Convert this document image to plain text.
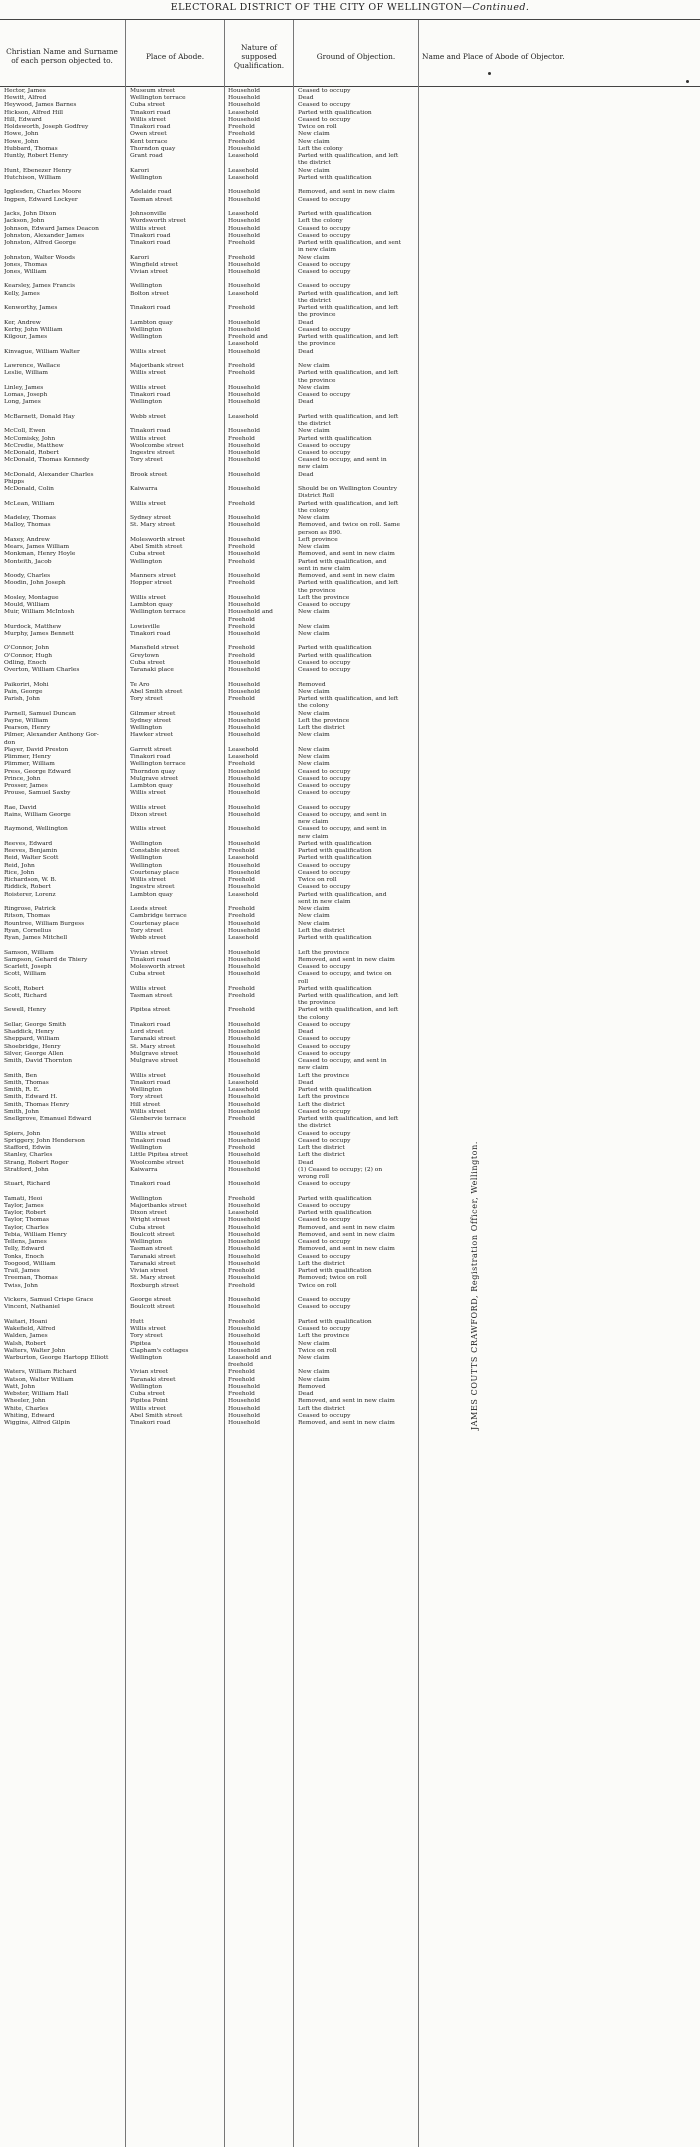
ELECTORAL DISTRICT OF THE CITY OF WELLINGTON—Continued.
Christian Name and Surname of each person objected to.	Place of Abode.
Nature of supposed Qualification.
Ground of Objection.	Name and Place of Abode of Objector.
Hector, James	Museum street	Household	Ceased to occupy
Hewitt, Alfred	Wellington terrace	Household	Dead
Heywood, James Barnes	Cuba street	Household	Ceased to occupy
Hickson, Alfred Hill	Tinakori road	Leasehold	Parted with qualification
Hill, Edward	Willis street	Household	Ceased to occupy
Holdsworth, Joseph Godfrey	Tinakori road	Freehold	Twice on roll
Howe, John	Owen street	Freehold	New claim
Howe, John	Kent terrace	Freehold	New claim
Hubbard, Thomas	Thorndon quay	Household	Left the colony
Huntly, Robert Henry	Grant road	Leasehold	Parted with qualification, and left
the district
Hunt, Ebenezer Henry	Karori	Leasehold	New claim
Hutchison, William	Wellington	Leasehold	Parted with qualification
Igglesden, Charles Moore	Adelaide road	Household	Removed, and sent in new claim
Ingpen, Edward Lockyer	Tasman street	Household	Ceased to occupy
Jacks, John Dixon	Johnsonville	Leasehold	Parted with qualification
Jackson, John	Wordsworth street	Household	Left the colony
Johnson, Edward James Deacon	Willis street	Household	Ceased to occupy
Johnston, Alexander James	Tinakori road	Household	Ceased to occupy
Johnston, Alfred George	Tinakori road	Freehold	Parted with qualification, and sent
in new claim
Johnston, Walter Woods	Karori	Freehold	New claim
Jones, Thomas	Wingfield street	Household	Ceased to occupy
Jones, William	Vivian street	Household	Ceased to occupy
Kearsley, James Francis	Wellington	Household	Ceased to occupy
Kelly, James	Bolton street	Leasehold	Parted with qualification, and left
the district
Kenworthy, James	Tinakori road	Freehold	Parted with qualification, and left
the province
Ker, Andrew	Lambton quay	Household	Dead
Kerby, John William	Wellington	Household	Ceased to occupy
Kilgour, James	Wellington	Freehold and	Parted with qualification, and left
Leasehold	the province
Kinvague, William Walter	Willis street	Household	Dead
Lawrence, Wallace	Majoribank street	Freehold	New claim
Leslie, William	Willis street	Freehold	Parted with qualification, and left
the province
Linley, James	Willis street	Household	New claim
Lomas, Joseph	Tinakori road	Household	Ceased to occupy
Long, James	Wellington	Household	Dead
McBarnett, Donald Hay	Webb street	Leasehold	Parted with qualification, and left
the district
McColl, Ewen	Tinakori road	Household	New claim
McComisky, John	Willis street	Freehold	Parted with qualification
McCredie, Matthew	Woolcombe street	Household	Ceased to occupy
McDonald, Robert	Ingestre street	Household	Ceased to occupy
McDonald, Thomas Kennedy	Tory street	Household	Ceased to occupy, and sent in
new claim
McDonald, Alexander Charles	Brook street	Household	Dead
Phipps
McDonald, Colin	Kaiwarra	Household	Should be on Wellington Country
District Roll
McLean, William	Willis street	Freehold	Parted with qualification, and left
the colony
Madeley, Thomas	Sydney street	Household	New claim
Malloy, Thomas	St. Mary street	Household	Removed, and twice on roll. Same
person as 890.
Maxey, Andrew	Molesworth street	Household	Left province
Mears, James William	Abel Smith street	Freehold	New claim
Monkman, Henry Hoyle	Cuba street	Household	Removed, and sent in new claim
Monteith, Jacob	Wellington	Freehold	Parted with qualification, and
sent in new claim
Moody, Charles	Manners street	Household	Removed, and sent in new claim
Moodin, John Joseph	Hopper street	Freehold	Parted with qualification, and left
the province
Mosley, Montague	Willis street	Household	Left the province
Mould, William	Lambton quay	Household	Ceased to occupy
Muir, William McIntosh	Wellington terrace	Household and	New claim
Freehold
Murdock, Matthew	Lowisville	Freehold	New claim
Murphy, James Bennett	Tinakori road	Household	New claim
O'Connor, John	Mansfield street	Freehold	Parted with qualification
O'Connor, Hugh	Greytown	Freehold	Parted with qualification
Odling, Enoch	Cuba street	Household	Ceased to occupy
Overton, William Charles	Taranaki place	Household	Ceased to occupy
Paikoriri, Mohi	Te Aro	Household	Removed
Pain, George	Abel Smith street	Household	New claim
Parish, John	Tory street	Freehold	Parted with qualification, and left
the colony
Parnell, Samuel Duncan	Gilmmer street	Household	New claim
Payne, William	Sydney street	Household	Left the province
Pearson, Henry	Wellington	Household	Left the district
Pilmer, Alexander Anthony Gor-	Hawker street	Household	New claim
don
Player, David Preston	Garrett street	Leasehold	New claim
Plimmer, Henry	Tinakori road	Leasehold	New claim
Plimmer, William	Wellington terrace	Freehold	New claim
Press, George Edward	Thorndon quay	Household	Ceased to occupy
Prince, John	Mulgrave street	Household	Ceased to occupy
Prosser, James	Lambton quay	Household	Ceased to occupy
Prouse, Samuel Saxby	Willis street	Household	Ceased to occupy
Rae, David	Willis street	Household	Ceased to occupy
Rains, William George	Dixon street	Household	Ceased to occupy, and sent in
new claim
Raymond, Wellington	Willis street	Household	Ceased to occupy, and sent in
new claim
Reeves, Edward	Wellington	Household	Parted with qualification
Reeves, Benjamin	Constable street	Freehold	Parted with qualification
Reid, Walter Scott	Wellington	Leasehold	Parted with qualification
Reid, John	Wellington	Household	Ceased to occupy
Rice, John	Courtenay place	Household	Ceased to occupy
Richardson, W. B.	Willis street	Freehold	Twice on roll
Riddick, Robert	Ingestre street	Household	Ceased to occupy
Roisterer, Lorenz	Lambton quay	Leasehold	Parted with qualification, and
sent in new claim
Ringrose, Patrick	Leeds street	Freehold	New claim
Ritson, Thomas	Cambridge terrace	Freehold	New claim
Rountree, William Burgess	Courtenay place	Household	New claim
Ryan, Cornelius	Tory street	Household	Left the district
Ryan, James Mitchell	Webb street	Leasehold	Parted with qualification
Samson, William	Vivian street	Household	Left the province
Sampson, Gehard de Thiery	Tinakori road	Household	Removed, and sent in new claim
Scarlett, Joseph	Molesworth street	Household	Ceased to occupy
Scott, William	Cuba street	Household	Ceased to occupy, and twice on
roll
Scott, Robert	Willis street	Freehold	Parted with qualification
Scott, Richard	Tasman street	Freehold	Parted with qualification, and left
the province
Sewell, Henry	Pipitea street	Freehold	Parted with qualification, and left
the colony
Sellar, George Smith	Tinakori road	Household	Ceased to occupy
Shaddick, Henry	Lord street	Household	Dead
Sheppard, William	Taranaki street	Household	Ceased to occupy
Shoebridge, Henry	St. Mary street	Household	Ceased to occupy
Silver, George Allen	Mulgrave street	Household	Ceased to occupy
Smith, David Thornton	Mulgrave street	Household	Ceased to occupy, and sent in
new claim
Smith, Ben	Willis street	Household	Left the province
Smith, Thomas	Tinakori road	Leasehold	Dead
Smith, R. E.	Wellington	Leasehold	Parted with qualification
Smith, Edward H.	Tory street	Household	Left the province
Smith, Thomas Henry	Hill street	Household	Left the district
Smith, John	Willis street	Household	Ceased to occupy
Snellgrove, Emanuel Edward	Glenbervie terrace	Freehold	Parted with qualification, and left
the district
Spiers, John	Willis street	Household	Ceased to occupy
Spriggery, John Henderson	Tinakori road	Household	Ceased to occupy
Stafford, Edwin	Wellington	Freehold	Left the district
Stanley, Charles	Little Pipitea street	Household	Left the district
Strang, Robert Roger	Woolcombe street	Household	Dead
Stratford, John	Kaiwarra	Household	(1) Ceased to occupy; (2) on
wrong roll
Stuart, Richard	Tinakori road	Household	Ceased to occupy
Tamati, Heoi	Wellington	Freehold	Parted with qualification
Taylor, James	Majoribanks street	Household	Ceased to occupy
Taylor, Robert	Dixon street	Leasehold	Parted with qualification
Taylor, Thomas	Wright street	Household	Ceased to occupy
Taylor, Charles	Cuba street	Household	Removed, and sent in new claim
Tebia, William Henry	Boulcott street	Household	Removed, and sent in new claim
Tellens, James	Wellington	Household	Ceased to occupy
Telly, Edward	Tasman street	Household	Removed, and sent in new claim
Tonks, Enoch	Taranaki street	Household	Ceased to occupy
Toogood, William	Taranaki street	Household	Left the district
Trail, James	Vivian street	Freehold	Parted with qualification
Treeman, Thomas	St. Mary street	Household	Removed; twice on roll
Twiss, John	Roxburgh street	Freehold	Twice on roll
Vickers, Samuel Crispe Grace	George street	Household	Ceased to occupy
Vincent, Nathaniel	Boulcott street	Household	Ceased to occupy
Waitari, Hoani	Hutt	Freehold	Parted with qualification
Wakefield, Alfred	Willis street	Household	Ceased to occupy
Walden, James	Tory street	Household	Left the province
Walsh, Robert	Pipitea	Household	New claim
Walters, Walter John	Clapham's cottages	Household	Twice on roll
Warburton, George Hartopp Elliott	Wellington	Leasehold and	New claim
freehold
Waters, William Richard	Vivian street	Freehold	New claim
Watson, Walter William	Taranaki street	Freehold	New claim
Watt, John	Wellington	Household	Removed
Webster, William Hall	Cuba street	Freehold	Dead
Wheeler, John	Pipitea Point	Household	Removed, and sent in new claim
White, Charles	Willis street	Household	Left the district
Whiting, Edward	Abel Smith street	Household	Ceased to occupy
Wiggins, Alfred Gilpin	Tinakori road	Household	Removed, and sent in new claim	JAMES COUTTS CRAWFORD, Registration Officer, Wellington.
